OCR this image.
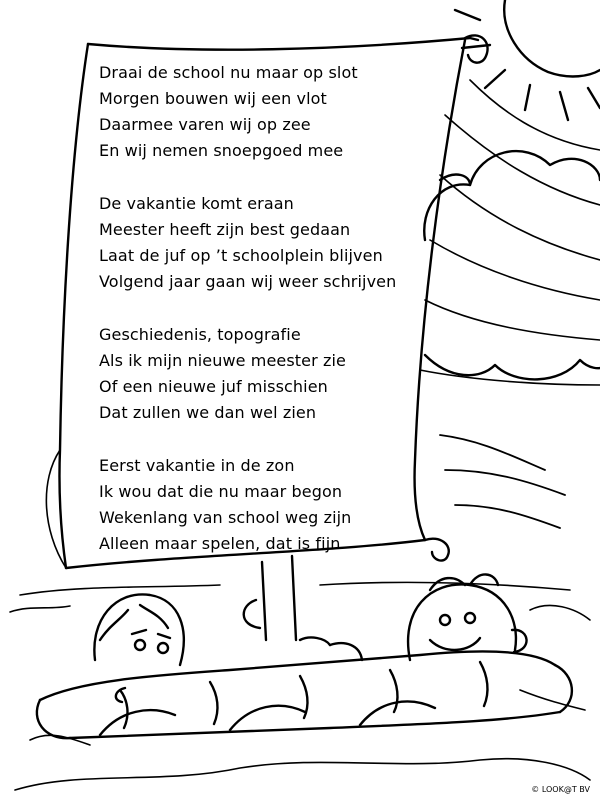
Draai de school nu maar op slot
Morgen bouwen wij een vlot
Daarmee varen wij op zee
En wij nemen snoepgoed mee
De vakantie komt eraan
Meester heeft zijn best gedaan
Laat de juf op ’t schoolplein blijven
Volgend jaar gaan wij weer schrijven
Geschiedenis, topografie
Als ik mijn nieuwe meester zie
Of een nieuwe juf misschien
Dat zullen we dan wel zien
Eerst vakantie in de zon
Ik wou dat die nu maar begon
Wekenlang van school weg zijn
Alleen maar spelen, dat is fijn
© LOOK@T BV
